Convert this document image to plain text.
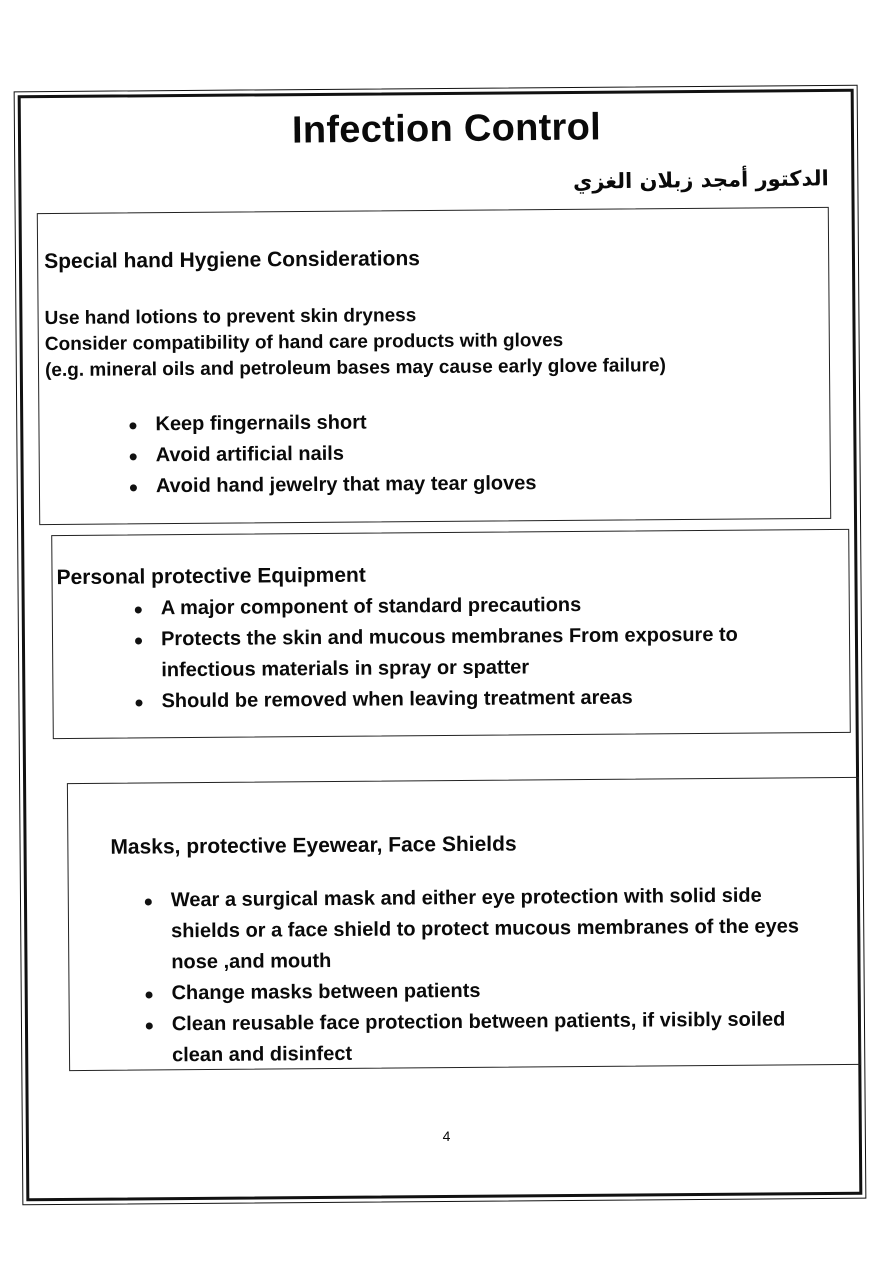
Infection Control
الدكتور أمجد زبلان الغزي
Special hand Hygiene Considerations
Use hand lotions to prevent skin dryness
Consider compatibility of hand care products with gloves
(e.g. mineral oils and petroleum bases may cause early glove failure)
Keep fingernails short
Avoid artificial nails
Avoid hand jewelry that may tear gloves
Personal protective Equipment
A major component of standard precautions
Protects the skin and mucous membranes From exposure to infectious materials in spray or spatter
Should be removed when leaving treatment areas
Masks, protective Eyewear, Face Shields
Wear a surgical mask and either eye protection with solid side shields or a face shield to protect mucous membranes of the eyes nose ,and mouth
Change masks between patients
Clean reusable face protection between patients, if visibly soiled clean and disinfect
4
